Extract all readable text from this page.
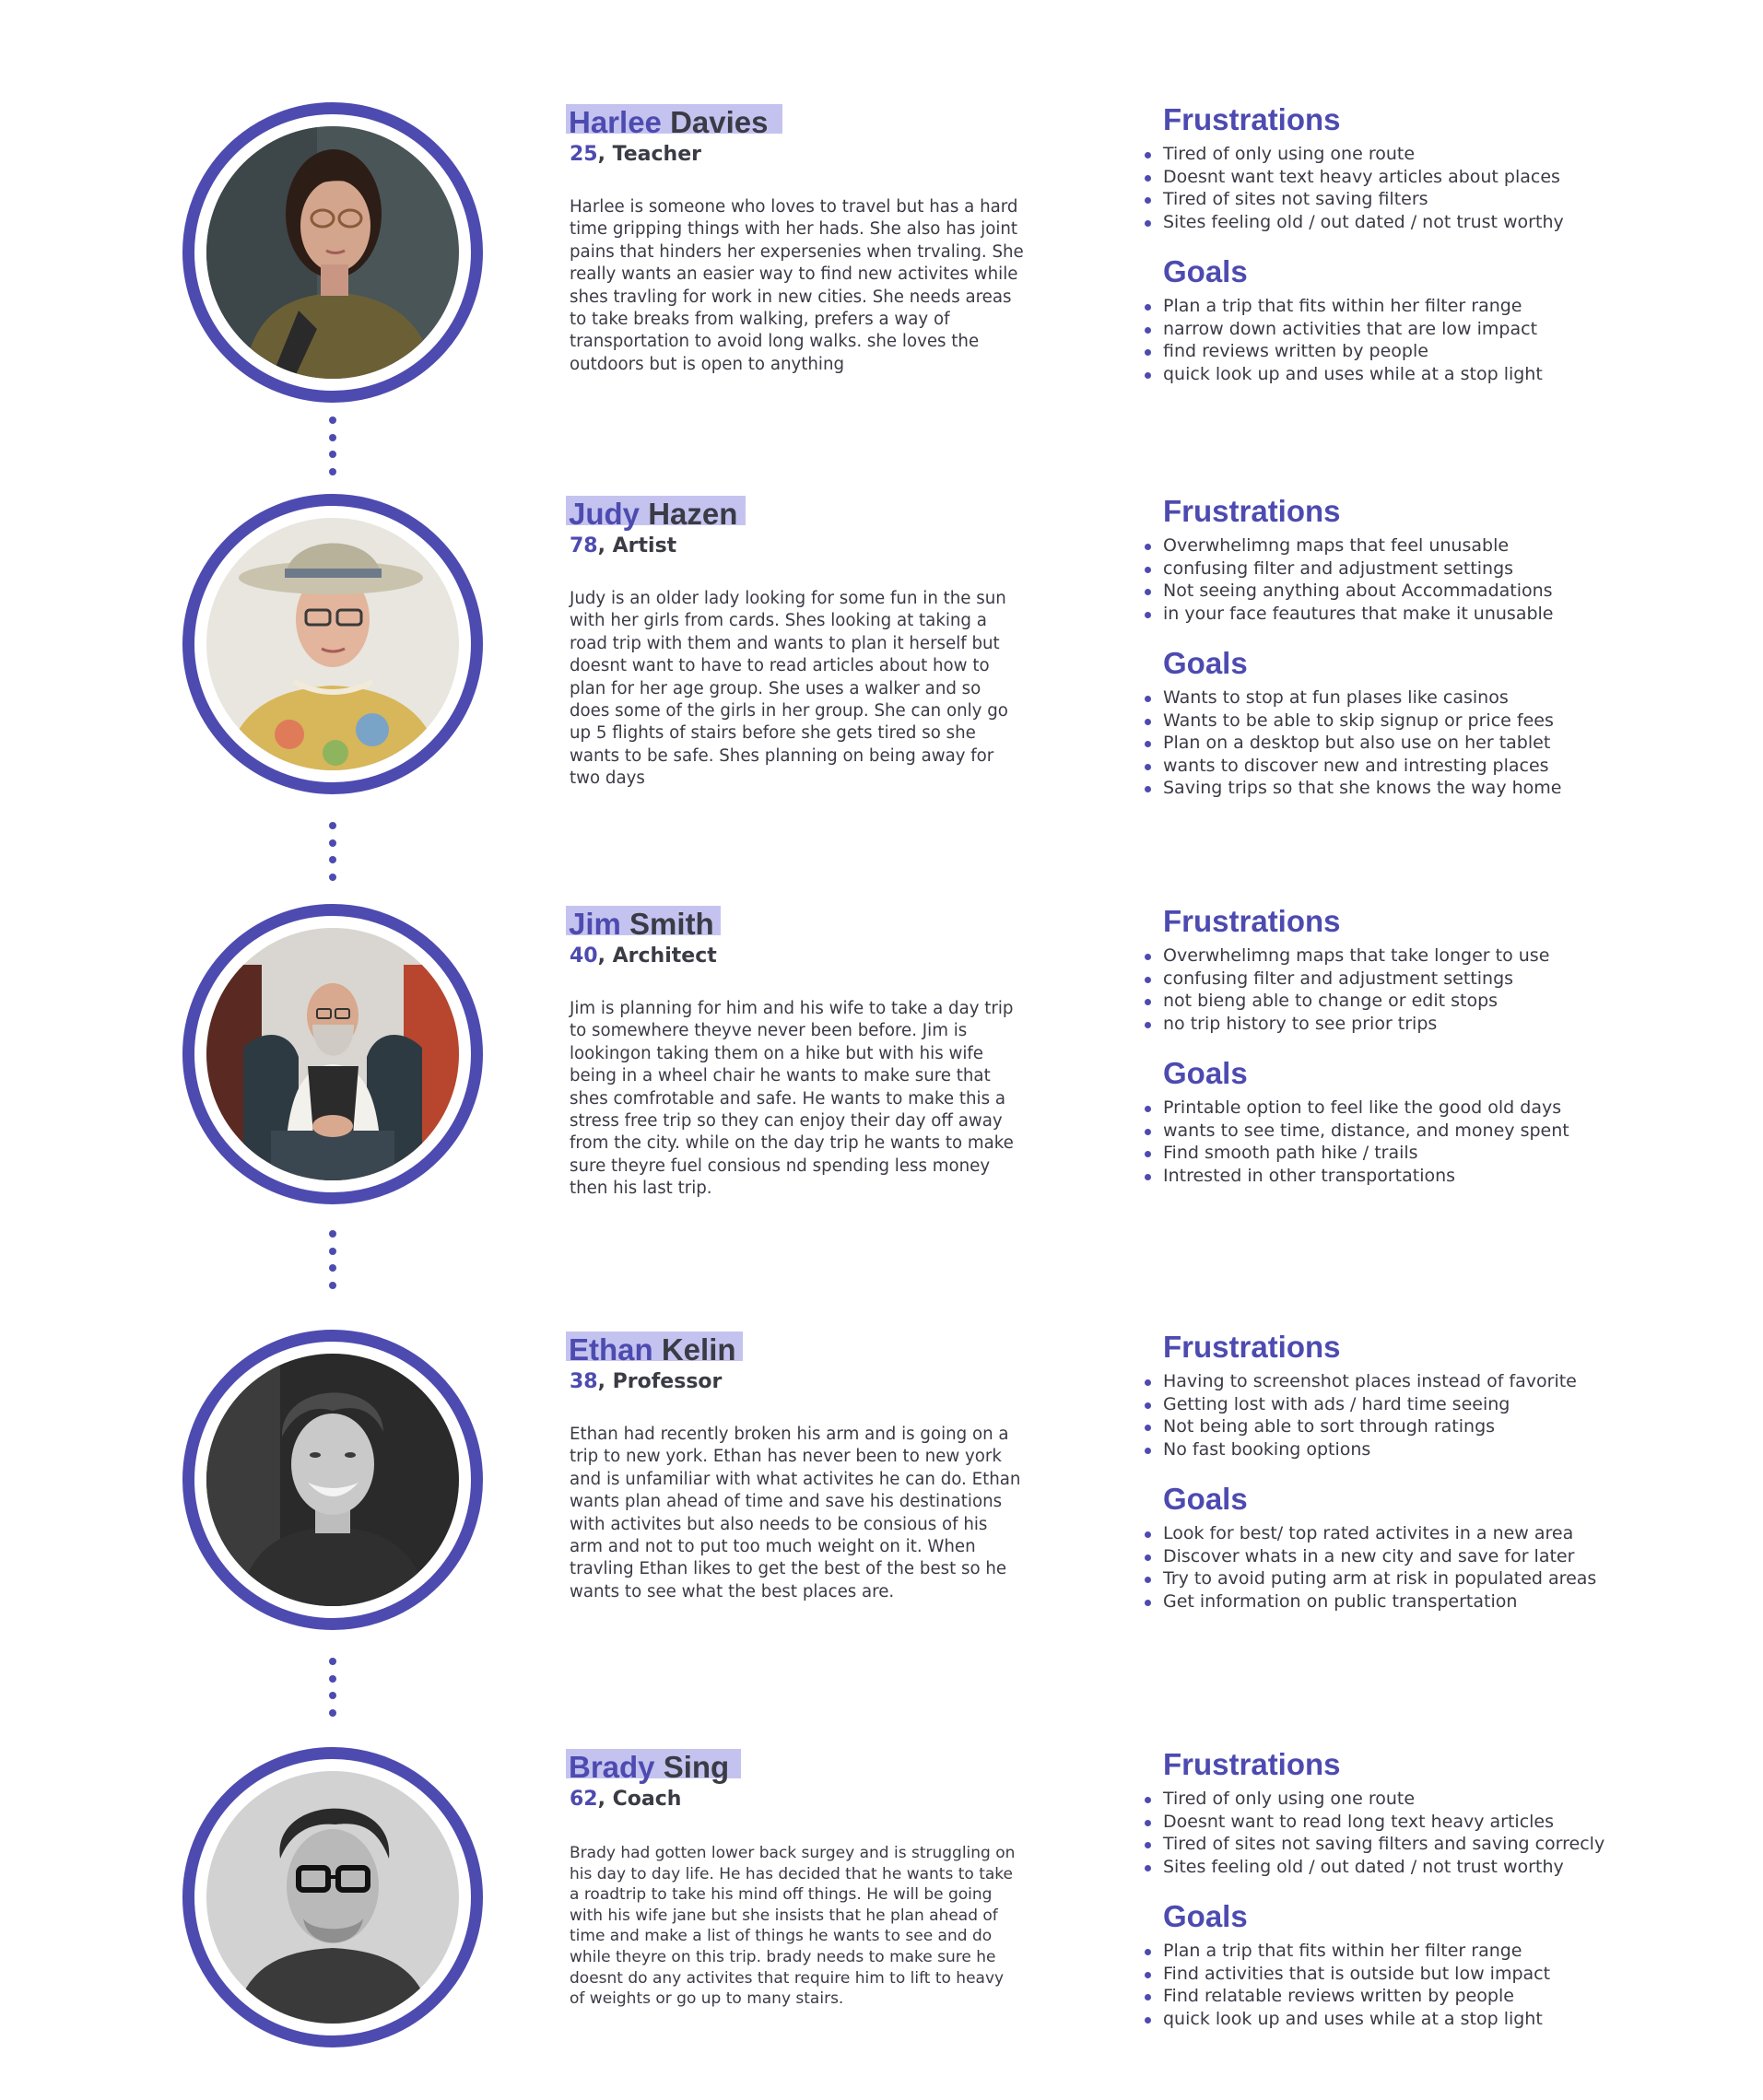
Harlee Davies

25, Teacher

Harlee is someone who loves to travel but has a hard
time gripping things with her hads. She also has joint
pains that hinders her expersenies when trvaling. She
really wants an easier way to find new activites while
shes travling for work in new cities. She needs areas
to take breaks from walking, prefers a way of
transportation to avoid long walks. she loves the
outdoors but is open to anything

Frustrations
Tired of only using one route
Doesnt want text heavy articles about places
Tired of sites not saving filters
Sites feeling old / out dated / not trust worthy
Goals
Plan a trip that fits within her filter range
narrow down activities that are low impact
find reviews written by people
quick look up and uses while at a stop light

Judy Hazen

78, Artist

Judy is an older lady looking for some fun in the sun
with her girls from cards. Shes looking at taking a
road trip with them and wants to plan it herself but
doesnt want to have to read articles about how to
plan for her age group. She uses a walker and so
does some of the girls in her group. She can only go
up 5 flights of stairs before she gets tired so she
wants to be safe. Shes planning on being away for
two days

Frustrations
Overwhelimng maps that feel unusable
confusing filter and adjustment settings
Not seeing anything about Accommadations
in your face feautures that make it unusable
Goals
Wants to stop at fun plases like casinos
Wants to be able to skip signup or price fees
Plan on a desktop but also use on her tablet
wants to discover new and intresting places
Saving trips so that she knows the way home

Jim Smith

40, Architect

Jim is planning for him and his wife to take a day trip
to somewhere theyve never been before. Jim is
lookingon taking them on a hike but with his wife
being in a wheel chair he wants to make sure that
shes comfrotable and safe. He wants to make this a
stress free trip so they can enjoy their day off away
from the city. while on the day trip he wants to make
sure theyre fuel consious nd spending less money
then his last trip.

Frustrations
Overwhelimng maps that take longer to use
confusing filter and adjustment settings
not bieng able to change or edit stops
no trip history to see prior trips
Goals
Printable option to feel like the good old days
wants to see time, distance, and money spent
Find smooth path hike / trails
Intrested in other transportations

Ethan Kelin

38, Professor

Ethan had recently broken his arm and is going on a
trip to new york. Ethan has never been to new york
and is unfamiliar with what activites he can do. Ethan
wants plan ahead of time and save his destinations
with activites but also needs to be consious of his
arm and not to put too much weight on it. When
travling Ethan likes to get the best of the best so he
wants to see what the best places are.

Frustrations
Having to screenshot places instead of favorite
Getting lost with ads / hard time seeing
Not being able to sort through ratings
No fast booking options
Goals
Look for best/ top rated activites in a new area
Discover whats in a new city and save for later
Try to avoid puting arm at risk in populated areas
Get information on public transpertation

Brady Sing

62, Coach

Brady had gotten lower back surgey and is struggling on
his day to day life. He has decided that he wants to take
a roadtrip to take his mind off things. He will be going
with his wife jane but she insists that he plan ahead of
time and make a list of things he wants to see and do
while theyre on this trip. brady needs to make sure he
doesnt do any activites that require him to lift to heavy
of weights or go up to many stairs.

Frustrations
Tired of only using one route
Doesnt want to read long text heavy articles
Tired of sites not saving filters and saving correcly
Sites feeling old / out dated / not trust worthy
Goals
Plan a trip that fits within her filter range
Find activities that is outside but low impact
Find relatable reviews written by people
quick look up and uses while at a stop light
